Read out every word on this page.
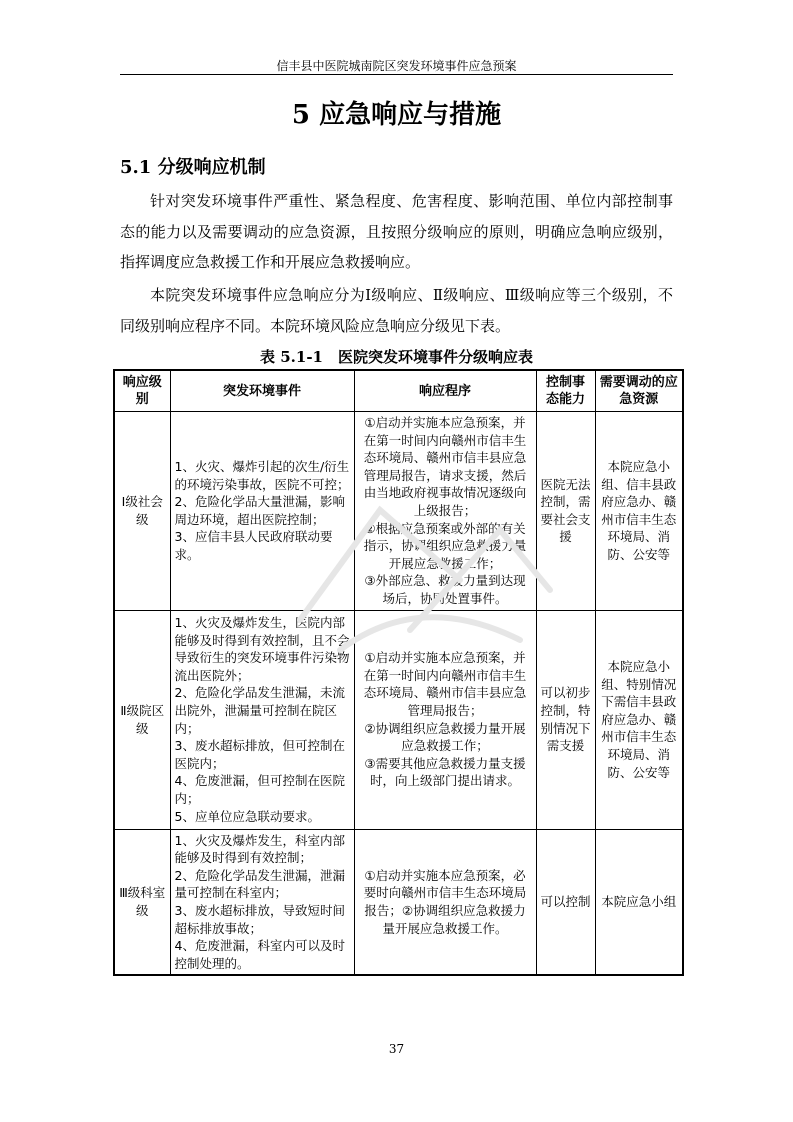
信丰县中医院城南院区突发环境事件应急预案
5 应急响应与措施
5.1 分级响应机制
针对突发环境事件严重性、紧急程度、危害程度、影响范围、单位内部控制事态的能力以及需要调动的应急资源，且按照分级响应的原则，明确应急响应级别，指挥调度应急救援工作和开展应急救援响应。
本院突发环境事件应急响应分为Ⅰ级响应、Ⅱ级响应、Ⅲ级响应等三个级别，不同级别响应程序不同。本院环境风险应急响应分级见下表。
表 5.1-1　医院突发环境事件分级响应表
响应级别	突发环境事件	响应程序	控制事态能力	需要调动的应急资源
Ⅰ级社会级	1、火灾、爆炸引起的次生/衍生的环境污染事故，医院不可控；
2、危险化学品大量泄漏，影响周边环境，超出医院控制；
3、应信丰县人民政府联动要求。	①启动并实施本应急预案，并在第一时间内向赣州市信丰生态环境局、赣州市信丰县应急管理局报告，请求支援，然后由当地政府视事故情况逐级向上级报告；
②根据应急预案或外部的有关指示，协调组织应急救援力量开展应急救援工作；
③外部应急、救援力量到达现场后，协同处置事件。	医院无法控制，需要社会支援	本院应急小组、信丰县政府应急办、赣州市信丰生态环境局、消防、公安等
Ⅱ级院区级	1、火灾及爆炸发生，医院内部能够及时得到有效控制，且不会导致衍生的突发环境事件污染物流出医院外；
2、危险化学品发生泄漏，未流出院外，泄漏量可控制在院区内；
3、废水超标排放，但可控制在医院内；
4、危废泄漏，但可控制在医院内；
5、应单位应急联动要求。	①启动并实施本应急预案，并在第一时间内向赣州市信丰生态环境局、赣州市信丰县应急管理局报告；
②协调组织应急救援力量开展应急救援工作；
③需要其他应急救援力量支援时，向上级部门提出请求。	可以初步控制，特别情况下需支援	本院应急小组、特别情况下需信丰县政府应急办、赣州市信丰生态环境局、消防、公安等
Ⅲ级科室级	1、火灾及爆炸发生，科室内部能够及时得到有效控制；
2、危险化学品发生泄漏，泄漏量可控制在科室内；
3、废水超标排放，导致短时间超标排放事故；
4、危废泄漏，科室内可以及时控制处理的。	①启动并实施本应急预案，必要时向赣州市信丰生态环境局报告；②协调组织应急救援力量开展应急救援工作。	可以控制	本院应急小组
37
